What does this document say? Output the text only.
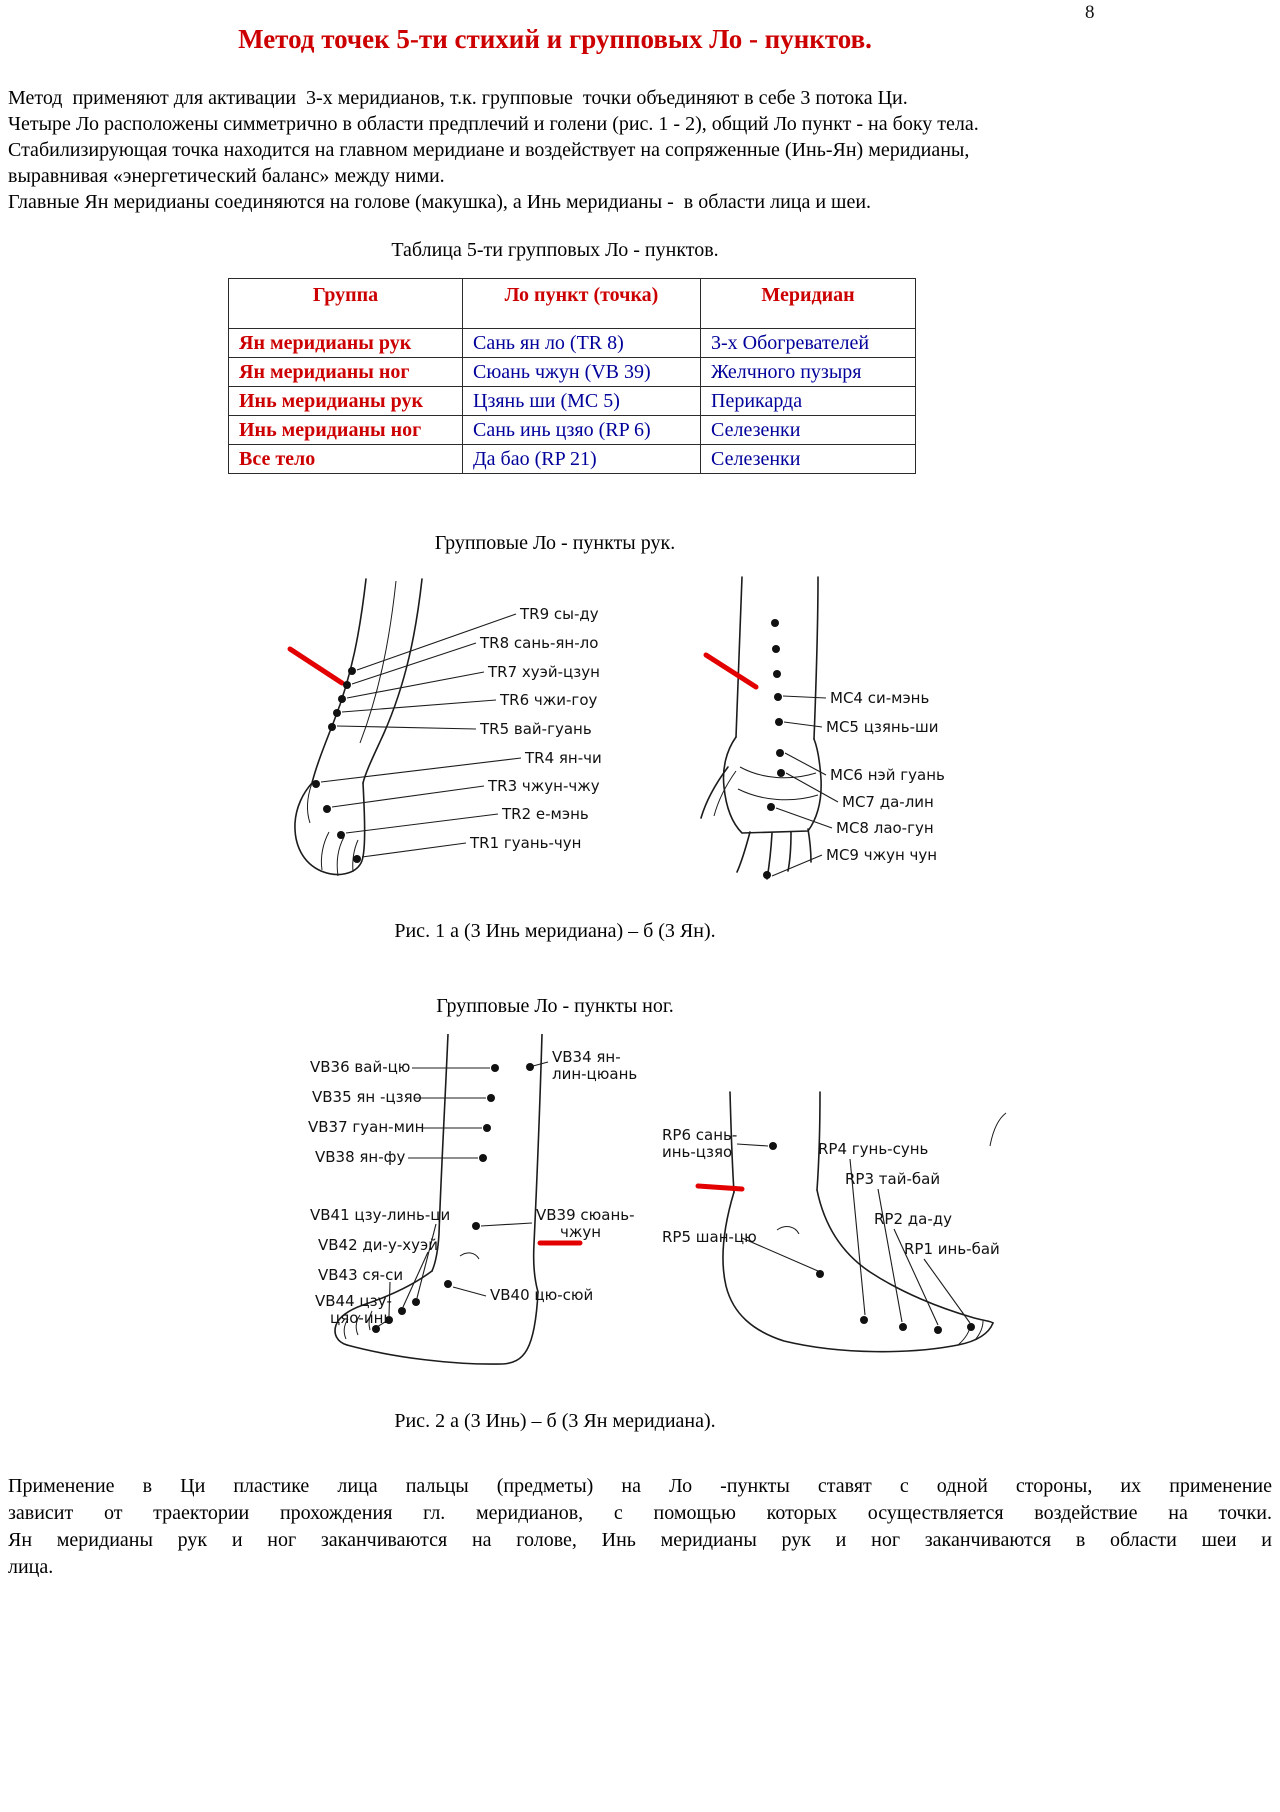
8
Метод точек 5-ти стихий и групповых Ло - пунктов.
Метод  применяют для активации  3-х меридианов, т.к. групповые  точки объединяют в себе 3 потока Ци.
Четыре Ло расположены симметрично в области предплечий и голени (рис. 1 - 2), общий Ло пункт - на боку тела.
Стабилизирующая точка находится на главном меридиане и воздействует на сопряженные (Инь-Ян) меридианы,
выравнивая «энергетический баланс» между ними.
Главные Ян меридианы соединяются на голове (макушка), а Инь меридианы -  в области лица и шеи.
Таблица 5-ти групповых Ло - пунктов.
Группа	Ло пункт (точка)	Меридиан
Ян меридианы рук	Сань ян ло (TR 8)	3-х Обогревателей
Ян меридианы ног	Сюань чжун (VB 39)	Желчного пузыря
Инь меридианы рук	Цзянь ши (MC 5)	Перикарда
Инь меридианы ног	Сань инь цзяо (RP 6)	Селезенки
Все тело	Да бао (RP 21)	Селезенки
Групповые Ло - пункты рук.
TR9 сы-ду
TR8 сань-ян-ло
TR7 хуэй-цзун
TR6 чжи-гоу
TR5 вай-гуань
TR4 ян-чи
TR3 чжун-чжу
TR2 е-мэнь
TR1 гуань-чун
MC4 си-мэнь
MC5 цзянь-ши
MC6 нэй гуань
MC7 да-лин
MC8 лао-гун
MC9 чжун чун
Рис. 1 а (3 Инь меридиана) – б (3 Ян).
Групповые Ло - пункты ног.
VB36 вай-цю
VB35 ян -цзяо
VB37 гуан-мин
VB38 ян-фу
VB41 цзу-линь-ци
VB42 ди-у-хуэй
VB43 ся-си
VB44 цзу-
цяо-инь
VB34 ян-
лин-цюань
VB39 сюань-
чжун
VB40 цю-сюй
RP6 сань-
инь-цзяо	RP4 гунь-сунь
RP3 тай-бай
RP5 шан-цю
RP2 да-ду
RP1 инь-бай
Рис. 2 а (3 Инь) – б (3 Ян меридиана).
Применение в Ци пластике лица пальцы (предметы) на Ло -пункты ставят с одной стороны, их применение
зависит от траектории прохождения гл. меридианов, с помощью которых осуществляется воздействие на точки.
Ян меридианы рук и ног заканчиваются на голове, Инь меридианы рук и ног заканчиваются в области шеи и
лица.
